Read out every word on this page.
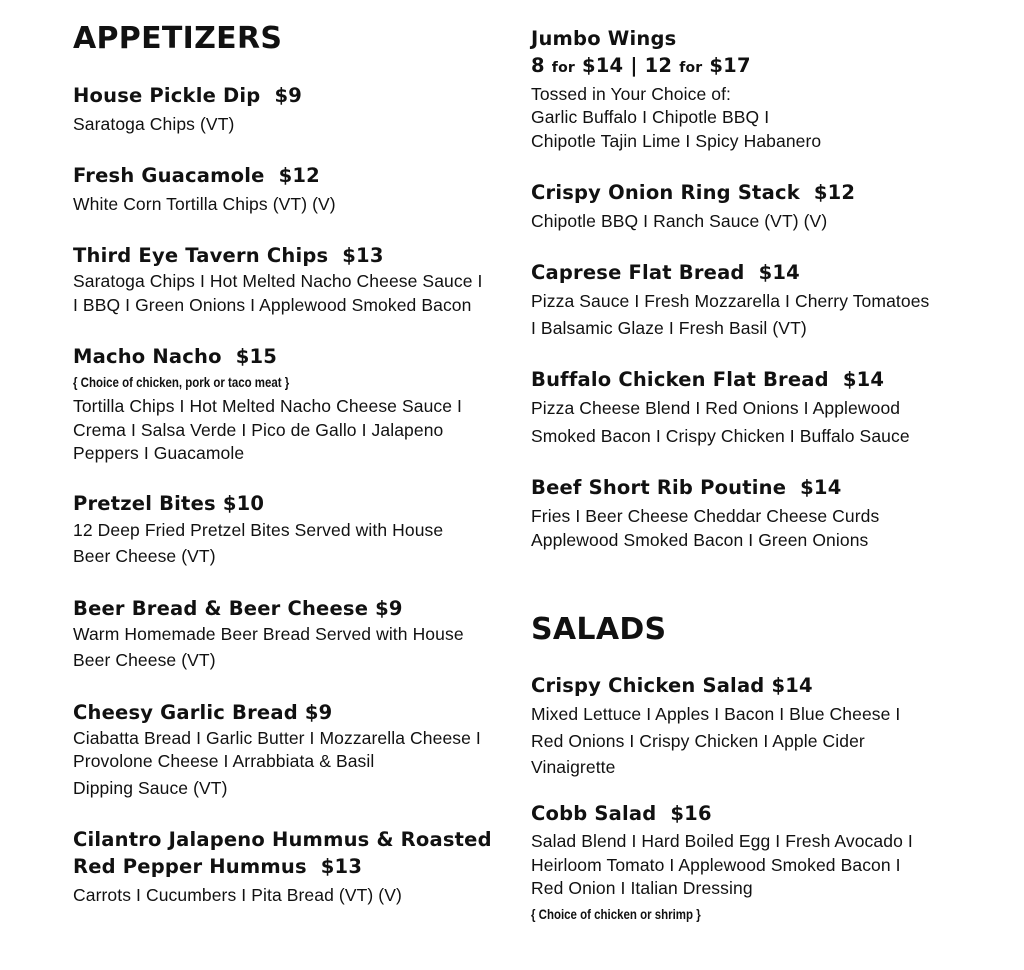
APPETIZERS
House Pickle Dip $9
Saratoga Chips (VT)
Fresh Guacamole $12
White Corn Tortilla Chips (VT) (V)
Third Eye Tavern Chips $13
Saratoga Chips I Hot Melted Nacho Cheese Sauce I
I BBQ I Green Onions I Applewood Smoked Bacon
Macho Nacho $15
{ Choice of chicken, pork or taco meat }
Tortilla Chips I Hot Melted Nacho Cheese Sauce I
Crema I Salsa Verde I Pico de Gallo I Jalapeno
Peppers I Guacamole
Pretzel Bites $10
12 Deep Fried Pretzel Bites Served with House
Beer Cheese (VT)
Beer Bread & Beer Cheese $9
Warm Homemade Beer Bread Served with House
Beer Cheese (VT)
Cheesy Garlic Bread $9
Ciabatta Bread I Garlic Butter I Mozzarella Cheese I
Provolone Cheese I Arrabbiata & Basil
Dipping Sauce (VT)
Cilantro Jalapeno Hummus & Roasted
Red Pepper Hummus $13
Carrots I Cucumbers I Pita Bread (VT) (V)
Jumbo Wings
8 for $14 | 12 for $17
Tossed in Your Choice of:
Garlic Buffalo I Chipotle BBQ I
Chipotle Tajin Lime I Spicy Habanero
Crispy Onion Ring Stack $12
Chipotle BBQ I Ranch Sauce (VT) (V)
Caprese Flat Bread $14
Pizza Sauce I Fresh Mozzarella I Cherry Tomatoes
I Balsamic Glaze I Fresh Basil (VT)
Buffalo Chicken Flat Bread $14
Pizza Cheese Blend I Red Onions I Applewood
Smoked Bacon I Crispy Chicken I Buffalo Sauce
Beef Short Rib Poutine $14
Fries I Beer Cheese Cheddar Cheese Curds
Applewood Smoked Bacon I Green Onions
SALADS
Crispy Chicken Salad $14
Mixed Lettuce I Apples I Bacon I Blue Cheese I
Red Onions I Crispy Chicken I Apple Cider
Vinaigrette
Cobb Salad $16
Salad Blend I Hard Boiled Egg I Fresh Avocado I
Heirloom Tomato I Applewood Smoked Bacon I
Red Onion I Italian Dressing
{ Choice of chicken or shrimp }
